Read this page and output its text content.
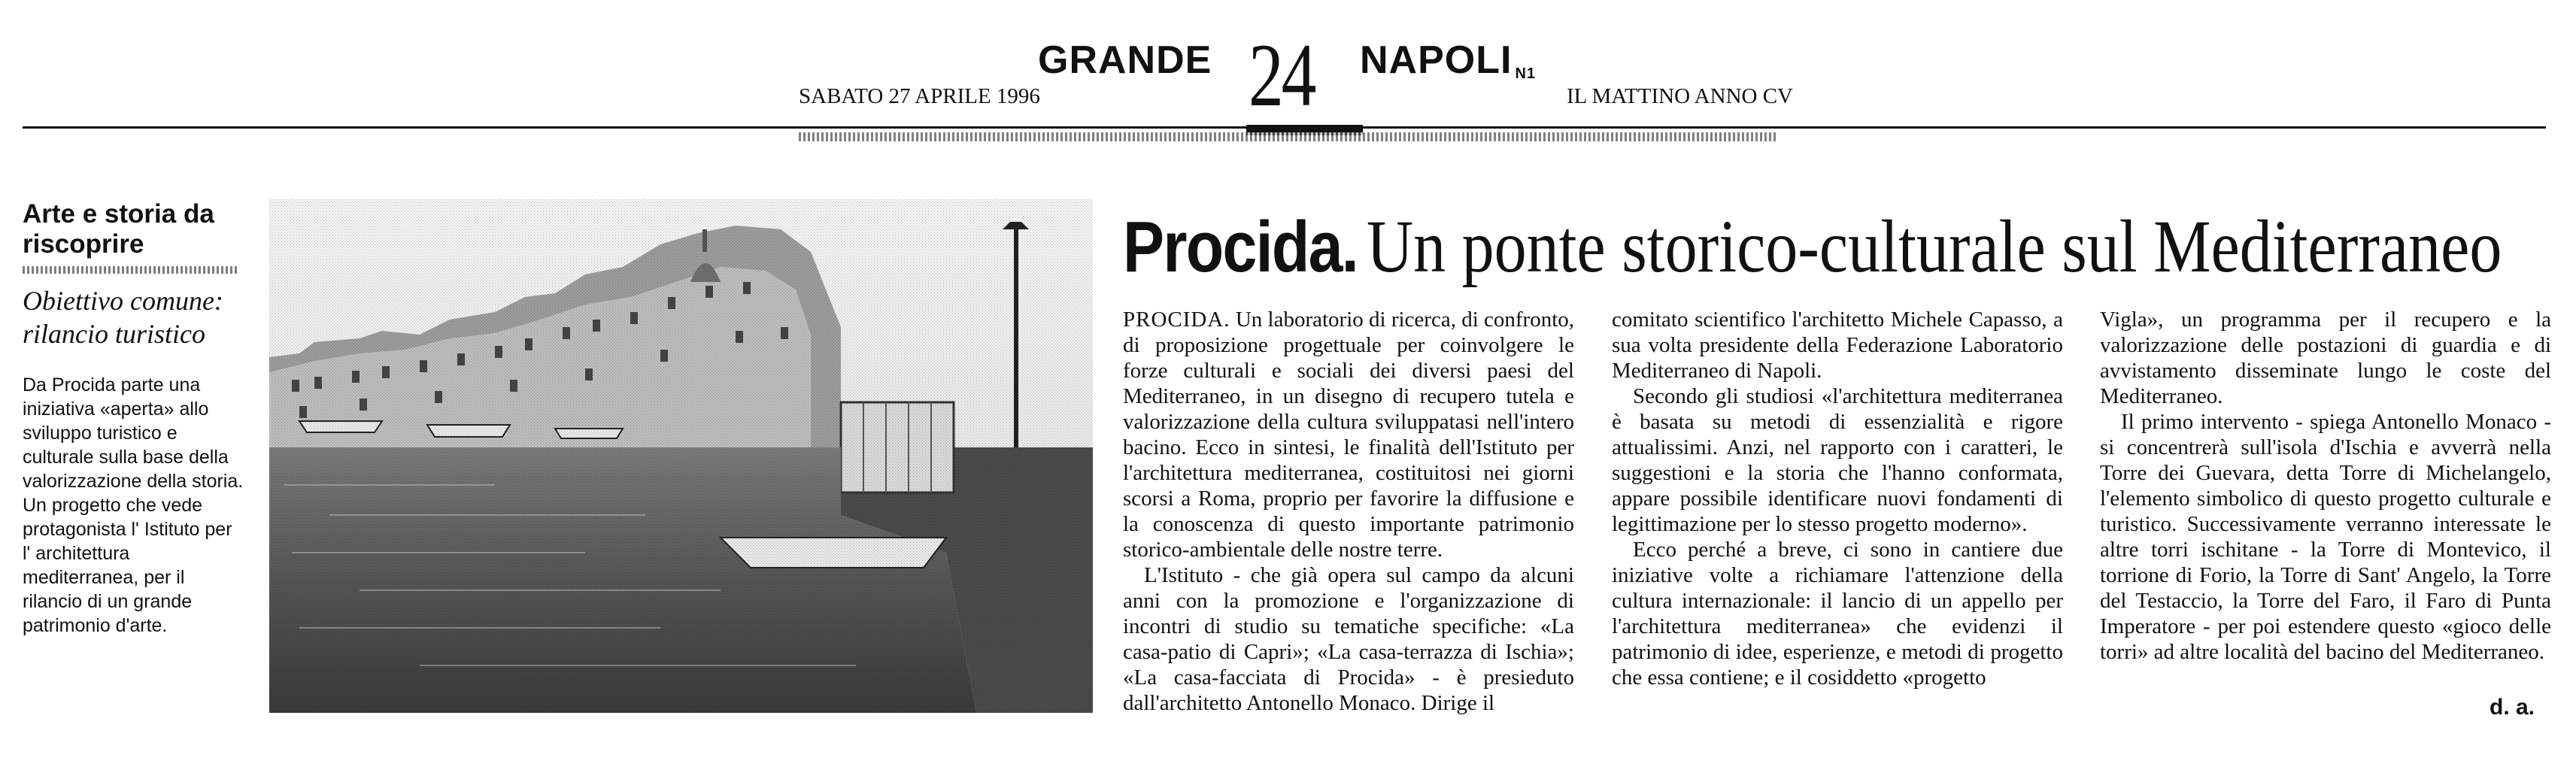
GRANDE 24 NAPOLI N1
SABATO 27 APRILE 1996	IL MATTINO ANNO CV
Arte e storia da riscoprire
Obiettivo comune: rilancio turistico
Da Procida parte una iniziativa «aperta» allo sviluppo turistico e culturale sulla base della valorizzazione della storia. Un progetto che vede protagonista l' Istituto per l' architettura mediterranea, per il rilancio di un grande patrimonio d'arte.
Procida. Un ponte storico-culturale sul Mediterraneo

PROCIDA. Un laboratorio di ricerca, di confronto, di proposizione progettuale per coinvolgere le forze culturali e sociali dei diversi paesi del Mediterraneo, in un disegno di recupero tutela e valorizzazione della cultura sviluppatasi nell'intero bacino. Ecco in sintesi, le finalità dell'Istituto per l'architettura mediterranea, costituitosi nei giorni scorsi a Roma, proprio per favorire la diffusione e la conoscenza di questo importante patrimonio storico-ambientale delle nostre terre.

L'Istituto - che già opera sul campo da alcuni anni con la promozione e l'organizzazione di incontri di studio su tematiche specifiche: «La casa-patio di Capri»; «La casa-terrazza di Ischia»; «La casa-facciata di Procida» - è presieduto dall'architetto Antonello Monaco. Dirige il

comitato scientifico l'architetto Michele Capasso, a sua volta presidente della Federazione Laboratorio Mediterraneo di Napoli.

Secondo gli studiosi «l'architettura mediterranea è basata su metodi di essenzialità e rigore attualissimi. Anzi, nel rapporto con i caratteri, le suggestioni e la storia che l'hanno conformata, appare possibile identificare nuovi fondamenti di legittimazione per lo stesso progetto moderno».

Ecco perché a breve, ci sono in cantiere due iniziative volte a richiamare l'attenzione della cultura internazionale: il lancio di un appello per l'architettura mediterranea» che evidenzi il patrimonio di idee, esperienze, e metodi di progetto che essa contiene; e il cosiddetto «progetto

Vigla», un programma per il recupero e la valorizzazione delle postazioni di guardia e di avvistamento disseminate lungo le coste del Mediterraneo.

Il primo intervento - spiega Antonello Monaco - si concentrerà sull'isola d'Ischia e avverrà nella Torre dei Guevara, detta Torre di Michelangelo, l'elemento simbolico di questo progetto culturale e turistico. Successivamente verranno interessate le altre torri ischitane - la Torre di Montevico, il torrione di Forio, la Torre di Sant' Angelo, la Torre del Testaccio, la Torre del Faro, il Faro di Punta Imperatore - per poi estendere questo «gioco delle torri» ad altre località del bacino del Mediterraneo.

d. a.
